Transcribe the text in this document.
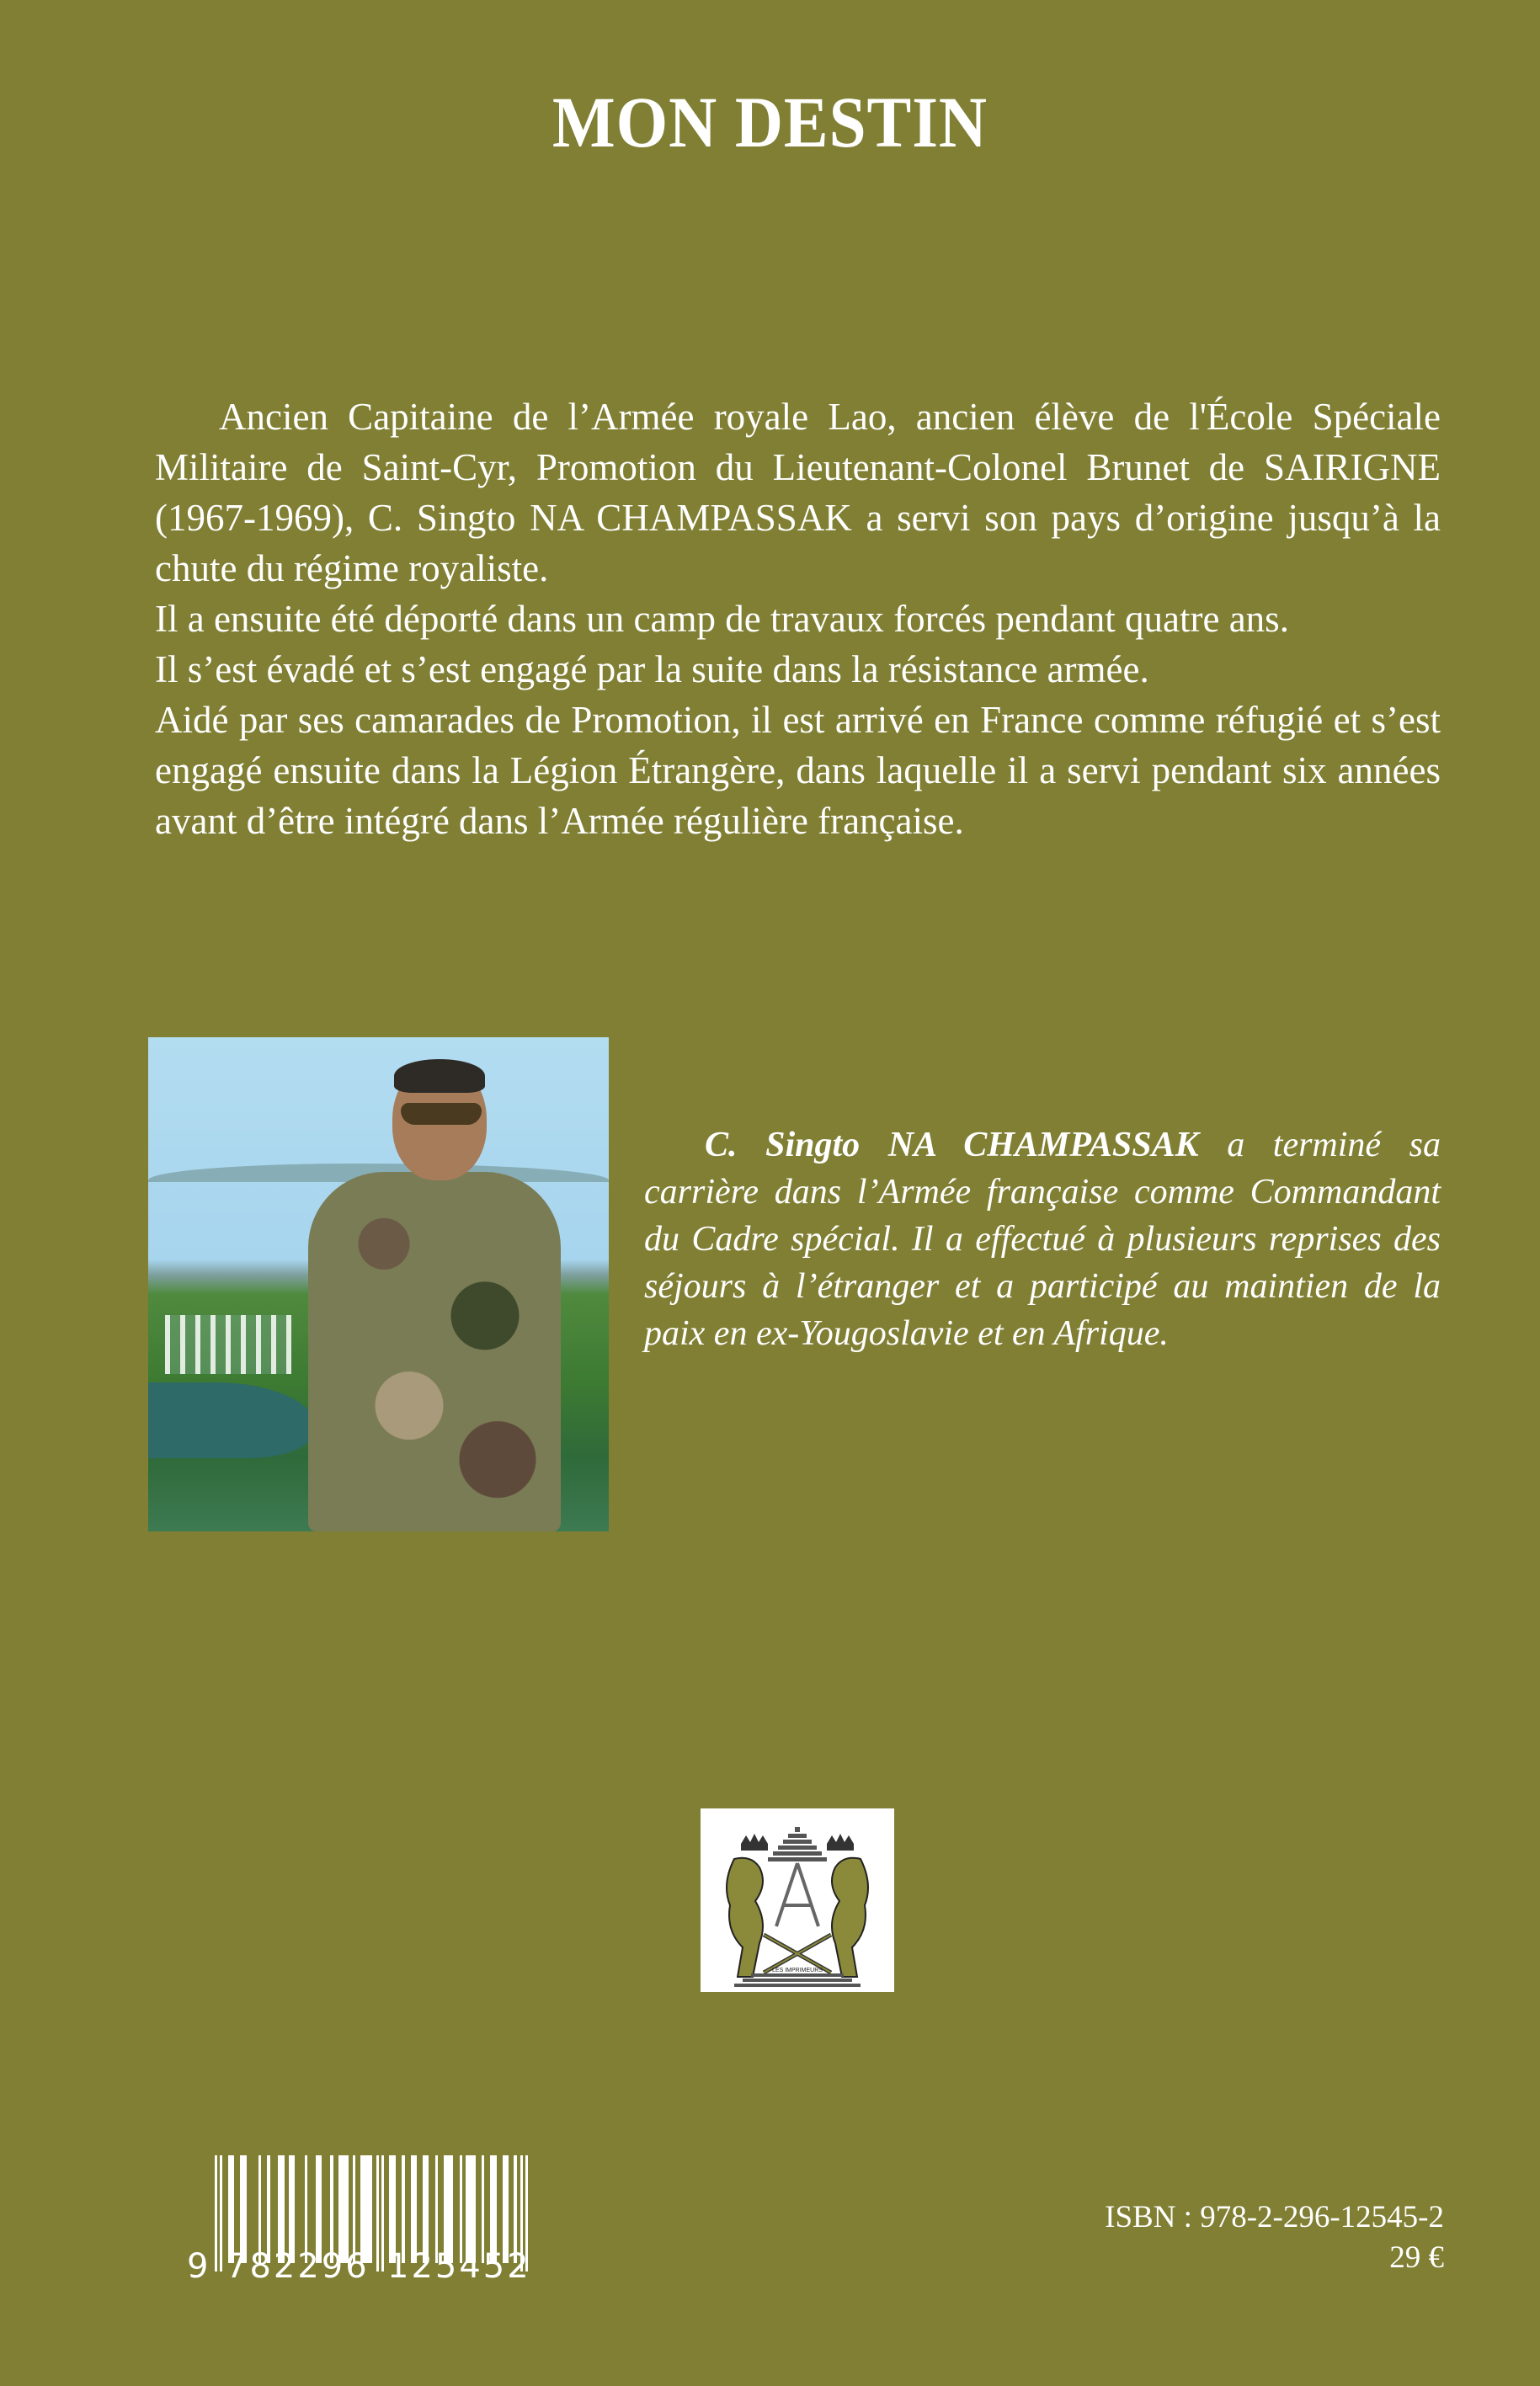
MON DESTIN

Ancien Capitaine de l’Armée royale Lao, ancien élève de l'École Spéciale Militaire de Saint-Cyr, Promotion du Lieutenant-Colonel Brunet de SAIRIGNE (1967-1969), C. Singto NA CHAMPASSAK a servi son pays d’origine jusqu’à la chute du régime royaliste.

Il a ensuite été déporté dans un camp de travaux forcés pendant quatre ans.

Il s’est évadé et s’est engagé par la suite dans la résistance armée.

Aidé par ses camarades de Promotion, il est arrivé en France comme réfugié et s’est engagé ensuite dans la Légion Étrangère, dans laquelle il a servi pendant six années avant d’être intégré dans l’Armée régulière française.

C. Singto NA CHAMPASSAK a terminé sa carrière dans l’Armée française comme Commandant du Cadre spécial. Il a effectué à plusieurs reprises des séjours à l’étranger et a participé au maintien de la paix en ex-Yougoslavie et en Afrique.

LES IMPRIMEURS
9 782296 125452

ISBN : 978-2-296-12545-2

29 €
